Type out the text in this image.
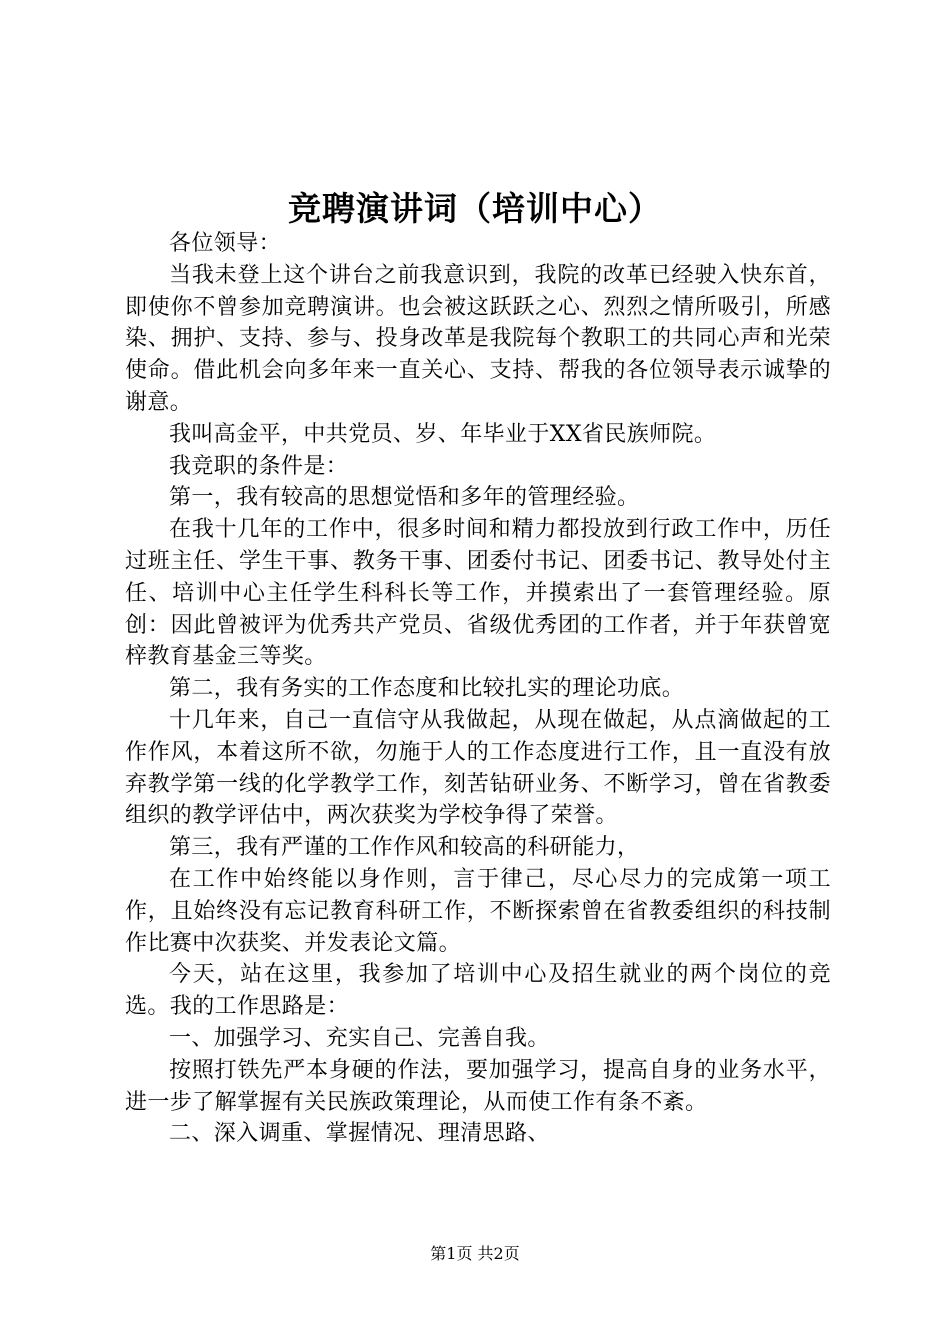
竞聘演讲词（培训中心）

各位领导：

当我未登上这个讲台之前我意识到，我院的改革已经驶入快东首，即使你不曾参加竞聘演讲。也会被这跃跃之心、烈烈之情所吸引，所感染、拥护、支持、参与、投身改革是我院每个教职工的共同心声和光荣使命。借此机会向多年来一直关心、支持、帮我的各位领导表示诚挚的谢意。

我叫高金平，中共党员、岁、年毕业于XX省民族师院。

我竞职的条件是：

第一，我有较高的思想觉悟和多年的管理经验。

在我十几年的工作中，很多时间和精力都投放到行政工作中，历任过班主任、学生干事、教务干事、团委付书记、团委书记、教导处付主任、培训中心主任学生科科长等工作，并摸索出了一套管理经验。原创：因此曾被评为优秀共产党员、省级优秀团的工作者，并于年获曾宽梓教育基金三等奖。

第二，我有务实的工作态度和比较扎实的理论功底。

十几年来，自己一直信守从我做起，从现在做起，从点滴做起的工作作风，本着这所不欲，勿施于人的工作态度进行工作，且一直没有放弃教学第一线的化学教学工作，刻苦钻研业务、不断学习，曾在省教委组织的教学评估中，两次获奖为学校争得了荣誉。

第三，我有严谨的工作作风和较高的科研能力，

在工作中始终能以身作则，言于律己，尽心尽力的完成第一项工作，且始终没有忘记教育科研工作，不断探索曾在省教委组织的科技制作比赛中次获奖、并发表论文篇。

今天，站在这里，我参加了培训中心及招生就业的两个岗位的竞选。我的工作思路是：

一、加强学习、充实自己、完善自我。

按照打铁先严本身硬的作法，要加强学习，提高自身的业务水平，进一步了解掌握有关民族政策理论，从而使工作有条不紊。

二、深入调重、掌握情况、理清思路、

第1页 共2页
